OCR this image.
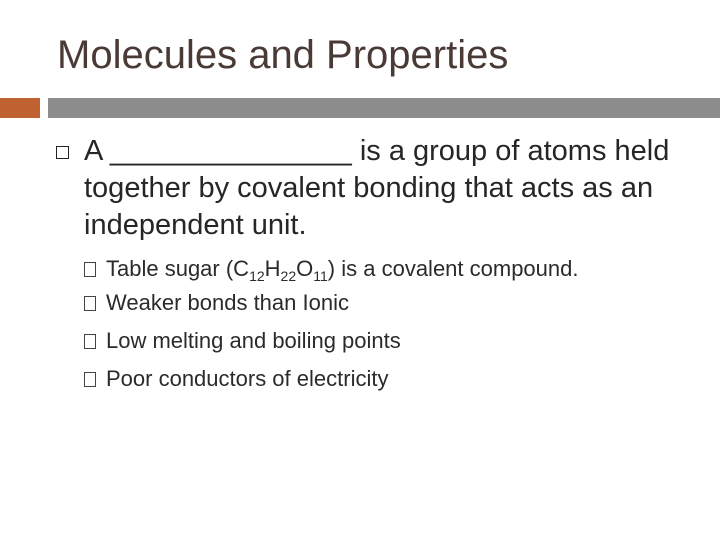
Molecules and Properties
A _______________ is a group of atoms held together by covalent bonding that acts as an independent unit.
Table sugar $(C_{12}H_{22}O_{11})$ is a covalent compound.
Weaker bonds than Ionic
Low melting and boiling points
Poor conductors of electricity
